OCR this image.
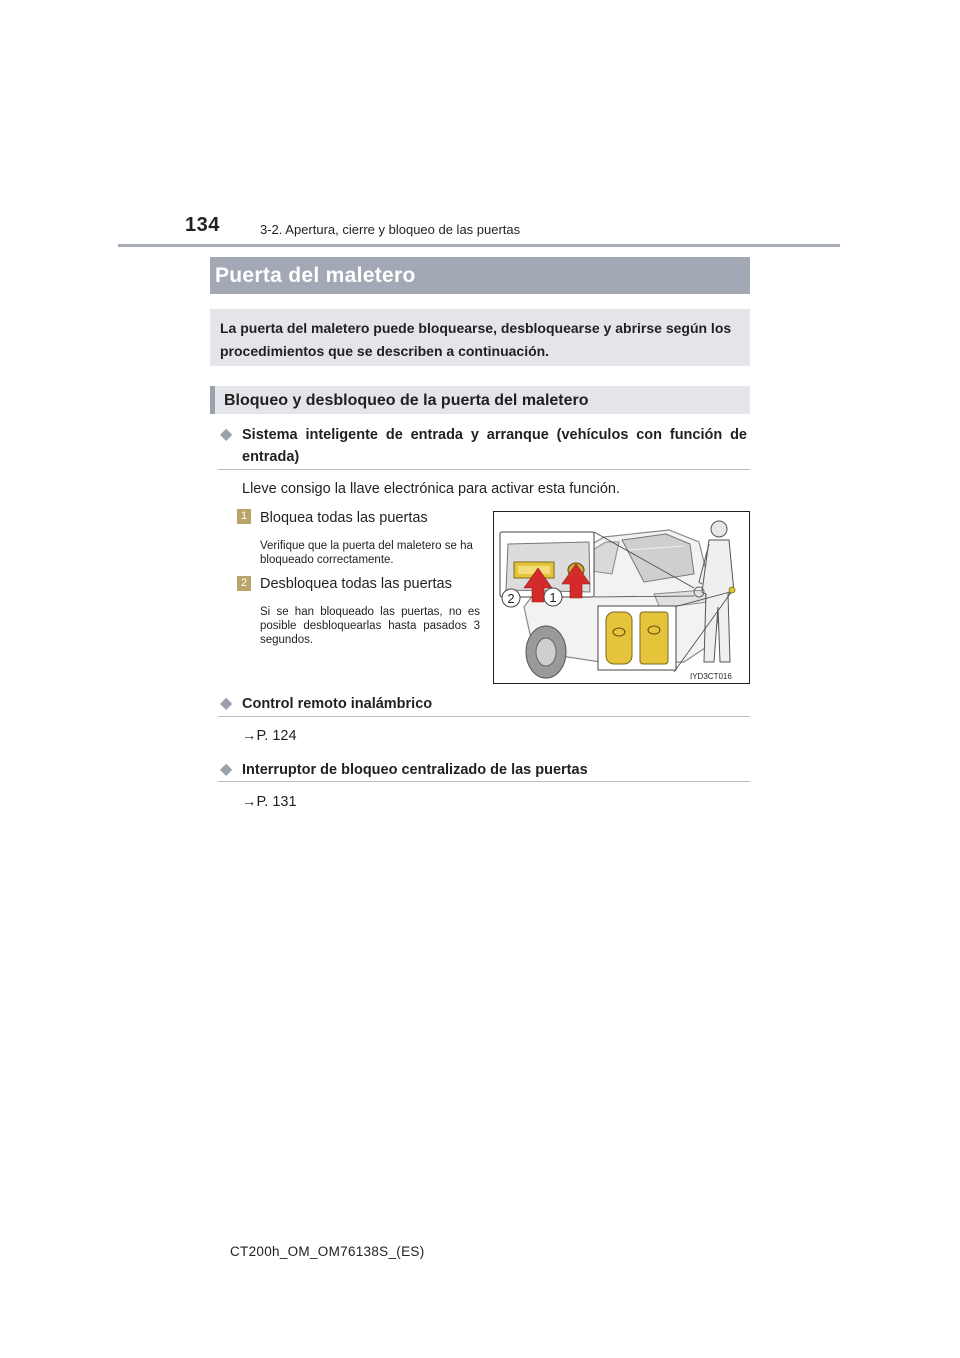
134	3-2. Apertura, cierre y bloqueo de las puertas
Puerta del maletero
La puerta del maletero puede bloquearse, desbloquearse y abrirse según los procedimientos que se describen a continuación.
Bloqueo y desbloqueo de la puerta del maletero
◆ Sistema inteligente de entrada y arranque (vehículos con función de entrada)
Lleve consigo la llave electrónica para activar esta función.
1 Bloquea todas las puertas
Verifique que la puerta del maletero se ha bloqueado correctamente.
2 Desbloquea todas las puertas
Si se han bloqueado las puertas, no es posible desbloquearlas hasta pasados 3 segundos.
2	1
IYD3CT016
◆ Control remoto inalámbrico
→P. 124
◆ Interruptor de bloqueo centralizado de las puertas
→P. 131
CT200h_OM_OM76138S_(ES)
